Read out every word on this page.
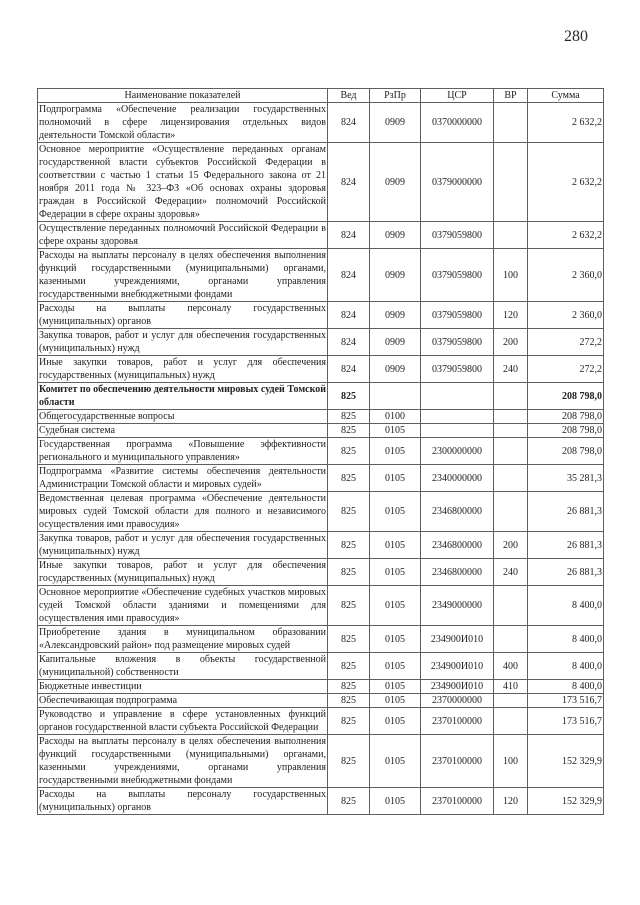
280
Наименование показателей	Вед	РзПр	ЦСР	ВР	Сумма
Подпрограмма «Обеспечение реализации государственных полномочий в сфере лицензирования отдельных видов деятельности Томской области»	824	0909	0370000000		2 632,2
Основное мероприятие «Осуществление переданных органам государственной власти субъектов Российской Федерации в соответствии с частью 1 статьи 15 Федерального закона от 21 ноября 2011 года № 323–ФЗ «Об основах охраны здоровья граждан в Российской Федерации» полномочий Российской Федерации в сфере охраны здоровья»	824	0909	0379000000		2 632,2
Осуществление переданных полномочий Российской Федерации в сфере охраны здоровья	824	0909	0379059800		2 632,2
Расходы на выплаты персоналу в целях обеспечения выполнения функций государственными (муниципальными) органами, казенными учреждениями, органами управления государственными внебюджетными фондами	824	0909	0379059800	100	2 360,0
Расходы на выплаты персоналу государственных (муниципальных) органов	824	0909	0379059800	120	2 360,0
Закупка товаров, работ и услуг для обеспечения государственных (муниципальных) нужд	824	0909	0379059800	200	272,2
Иные закупки товаров, работ и услуг для обеспечения государственных (муниципальных) нужд	824	0909	0379059800	240	272,2
Комитет по обеспечению деятельности мировых судей Томской области	825				208 798,0
Общегосударственные вопросы	825	0100			208 798,0
Судебная система	825	0105			208 798,0
Государственная программа «Повышение эффективности регионального и муниципального управления»	825	0105	2300000000		208 798,0
Подпрограмма «Развитие системы обеспечения деятельности Администрации Томской области и мировых судей»	825	0105	2340000000		35 281,3
Ведомственная целевая программа «Обеспечение деятельности мировых судей Томской области для полного и независимого осуществления ими правосудия»	825	0105	2346800000		26 881,3
Закупка товаров, работ и услуг для обеспечения государственных (муниципальных) нужд	825	0105	2346800000	200	26 881,3
Иные закупки товаров, работ и услуг для обеспечения государственных (муниципальных) нужд	825	0105	2346800000	240	26 881,3
Основное мероприятие «Обеспечение судебных участков мировых судей Томской области зданиями и помещениями для осуществления ими правосудия»	825	0105	2349000000		8 400,0
Приобретение здания в муниципальном образовании «Александровский район» под размещение мировых судей	825	0105	234900И010		8 400,0
Капитальные вложения в объекты государственной (муниципальной) собственности	825	0105	234900И010	400	8 400,0
Бюджетные инвестиции	825	0105	234900И010	410	8 400,0
Обеспечивающая подпрограмма	825	0105	2370000000		173 516,7
Руководство и управление в сфере установленных функций органов государственной власти субъекта Российской Федерации	825	0105	2370100000		173 516,7
Расходы на выплаты персоналу в целях обеспечения выполнения функций государственными (муниципальными) органами, казенными учреждениями, органами управления государственными внебюджетными фондами	825	0105	2370100000	100	152 329,9
Расходы на выплаты персоналу государственных (муниципальных) органов	825	0105	2370100000	120	152 329,9
